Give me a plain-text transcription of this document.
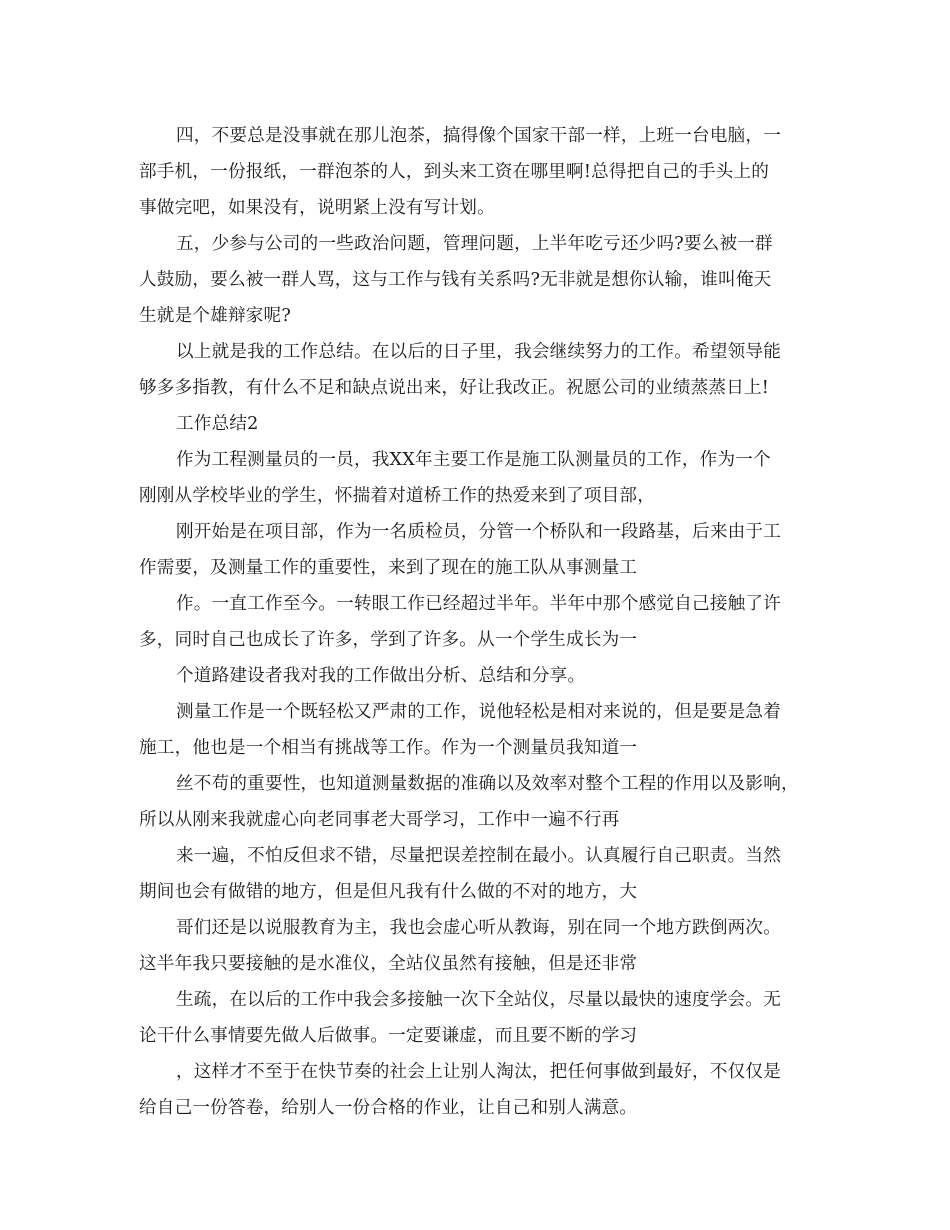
四，不要总是没事就在那儿泡茶，搞得像个国家干部一样，上班一台电脑，一
部手机，一份报纸，一群泡茶的人，到头来工资在哪里啊!总得把自己的手头上的
事做完吧，如果没有，说明紧上没有写计划。
五，少参与公司的一些政治问题，管理问题，上半年吃亏还少吗?要么被一群
人鼓励，要么被一群人骂，这与工作与钱有关系吗?无非就是想你认输，谁叫俺天
生就是个雄辩家呢?
以上就是我的工作总结。在以后的日子里，我会继续努力的工作。希望领导能
够多多指教，有什么不足和缺点说出来，好让我改正。祝愿公司的业绩蒸蒸日上!
工作总结2
作为工程测量员的一员，我XX年主要工作是施工队测量员的工作，作为一个
刚刚从学校毕业的学生，怀揣着对道桥工作的热爱来到了项目部，
刚开始是在项目部，作为一名质检员，分管一个桥队和一段路基，后来由于工
作需要，及测量工作的重要性，来到了现在的施工队从事测量工
作。一直工作至今。一转眼工作已经超过半年。半年中那个感觉自己接触了许
多，同时自己也成长了许多，学到了许多。从一个学生成长为一
个道路建设者我对我的工作做出分析、总结和分享。
测量工作是一个既轻松又严肃的工作，说他轻松是相对来说的，但是要是急着
施工，他也是一个相当有挑战等工作。作为一个测量员我知道一
丝不苟的重要性，也知道测量数据的准确以及效率对整个工程的作用以及影响，
所以从刚来我就虚心向老同事老大哥学习，工作中一遍不行再
来一遍，不怕反但求不错，尽量把误差控制在最小。认真履行自己职责。当然
期间也会有做错的地方，但是但凡我有什么做的不对的地方，大
哥们还是以说服教育为主，我也会虚心听从教诲，别在同一个地方跌倒两次。
这半年我只要接触的是水准仪，全站仪虽然有接触，但是还非常
生疏，在以后的工作中我会多接触一次下全站仪，尽量以最快的速度学会。无
论干什么事情要先做人后做事。一定要谦虚，而且要不断的学习
，这样才不至于在快节奏的社会上让别人淘汰，把任何事做到最好，不仅仅是
给自己一份答卷，给别人一份合格的作业，让自己和别人满意。
